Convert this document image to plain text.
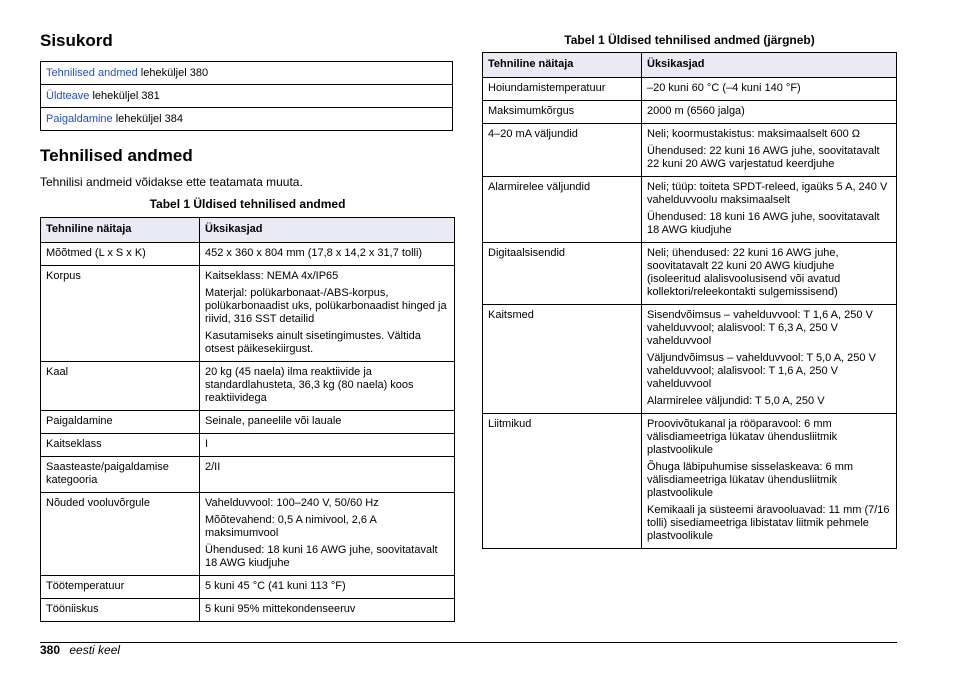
Sisukord
Tehnilised andmed leheküljel 380
Üldteave leheküljel 381
Paigaldamine leheküljel 384
Tehnilised andmed

Tehnilisi andmeid võidakse ette teatamata muuta.

Tabel 1 Üldised tehnilised andmed

Tehniline näitaja	Üksikasjad
Mõõtmed (L x S x K)	452 x 360 x 804 mm (17,8 x 14,2 x 31,7 tolli)

Korpus	Kaitseklass: NEMA 4x/IP65

Materjal: polükarbonaat-/ABS-korpus, polükarbonaadist uks, polükarbonaadist hinged ja riivid, 316 SST detailid

Kasutamiseks ainult sisetingimustes. Vältida otsest päikesekiirgust.

Kaal	20 kg (45 naela) ilma reaktiivide ja standardlahusteta, 36,3 kg (80 naela) koos reaktiividega

Paigaldamine	Seinale, paneelile või lauale

Kaitseklass	I

Saasteaste/paigaldamise kategooria	2/II

Nõuded vooluvõrgule	Vahelduvvool: 100–240 V, 50/60 Hz

Mõõtevahend: 0,5 A nimivool, 2,6 A maksimumvool

Ühendused: 18 kuni 16 AWG juhe, soovitatavalt 18 AWG kiudjuhe

Töötemperatuur	5 kuni 45 °C (41 kuni 113 °F)

Tööniiskus	5 kuni 95% mittekondenseeruv

Tabel 1 Üldised tehnilised andmed (järgneb)

Tehniline näitaja	Üksikasjad
Hoiundamistemperatuur	–20 kuni 60 °C (–4 kuni 140 °F)

Maksimumkõrgus	2000 m (6560 jalga)

4–20 mA väljundid	Neli; koormustakistus: maksimaalselt 600 Ω

Ühendused: 22 kuni 16 AWG juhe, soovitatavalt 22 kuni 20 AWG varjestatud keerdjuhe

Alarmirelee väljundid	Neli; tüüp: toiteta SPDT-releed, igaüks 5 A, 240 V vahelduvvoolu maksimaalselt

Ühendused: 18 kuni 16 AWG juhe, soovitatavalt 18 AWG kiudjuhe

Digitaalsisendid	Neli; ühendused: 22 kuni 16 AWG juhe, soovitatavalt 22 kuni 20 AWG kiudjuhe (isoleeritud alalisvoolusisend või avatud kollektori/releekontakti sulgemissisend)

Kaitsmed	Sisendvõimsus – vahelduvvool: T 1,6 A, 250 V vahelduvvool; alalisvool: T 6,3 A, 250 V vahelduvvool

Väljundvõimsus – vahelduvvool: T 5,0 A, 250 V vahelduvvool; alalisvool: T 1,6 A, 250 V vahelduvvool

Alarmirelee väljundid: T 5,0 A, 250 V

Liitmikud	Proovivõtukanal ja rööparavool: 6 mm välisdiameetriga lükatav ühendusliitmik plastvoolikule

Õhuga läbipuhumise sisselaskeava: 6 mm välisdiameetriga lükatav ühendusliitmik plastvoolikule

Kemikaali ja süsteemi äravooluavad: 11 mm (7/16 tolli) sisediameetriga libistatav liitmik pehmele plastvoolikule

380 eesti keel
